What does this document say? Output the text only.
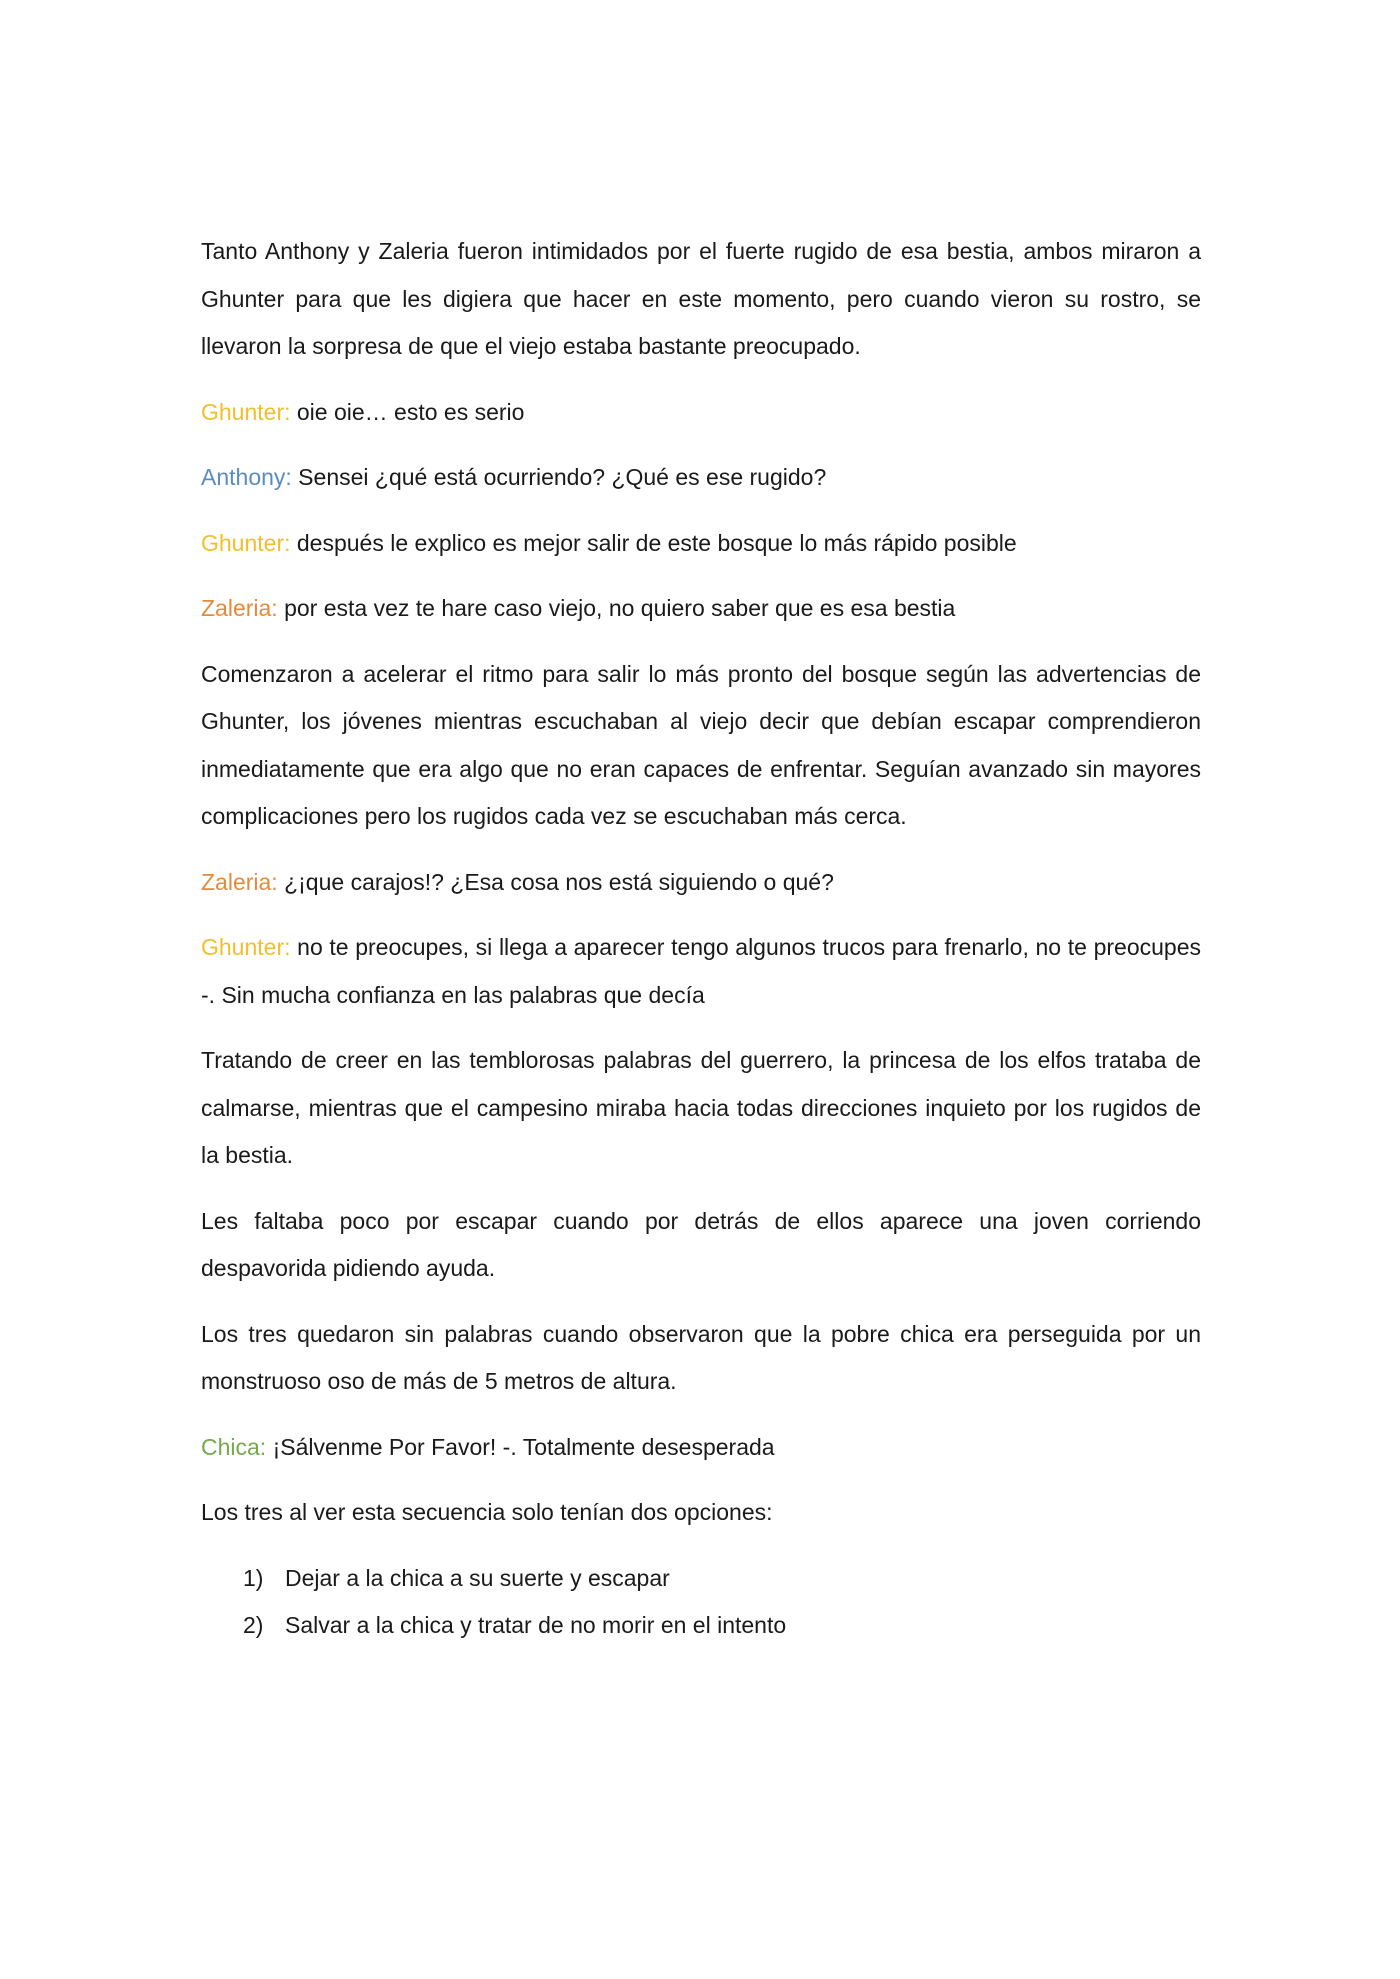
Tanto Anthony y Zaleria fueron intimidados por el fuerte rugido de esa bestia, ambos miraron a Ghunter para que les digiera que hacer en este momento, pero cuando vieron su rostro, se llevaron la sorpresa de que el viejo estaba bastante preocupado.

Ghunter: oie oie… esto es serio

Anthony: Sensei ¿qué está ocurriendo? ¿Qué es ese rugido?

Ghunter: después le explico es mejor salir de este bosque lo más rápido posible

Zaleria: por esta vez te hare caso viejo, no quiero saber que es esa bestia

Comenzaron a acelerar el ritmo para salir lo más pronto del bosque según las advertencias de Ghunter, los jóvenes mientras escuchaban al viejo decir que debían escapar comprendieron inmediatamente que era algo que no eran capaces de enfrentar. Seguían avanzado sin mayores complicaciones pero los rugidos cada vez se escuchaban más cerca.

Zaleria: ¿¡que carajos!? ¿Esa cosa nos está siguiendo o qué?

Ghunter: no te preocupes, si llega a aparecer tengo algunos trucos para frenarlo, no te preocupes -. Sin mucha confianza en las palabras que decía

Tratando de creer en las temblorosas palabras del guerrero, la princesa de los elfos trataba de calmarse, mientras que el campesino miraba hacia todas direcciones inquieto por los rugidos de la bestia.

Les faltaba poco por escapar cuando por detrás de ellos aparece una joven corriendo despavorida pidiendo ayuda.

Los tres quedaron sin palabras cuando observaron que la pobre chica era perseguida por un monstruoso oso de más de 5 metros de altura.

Chica: ¡Sálvenme Por Favor! -. Totalmente desesperada

Los tres al ver esta secuencia solo tenían dos opciones:

1) Dejar a la chica a su suerte y escapar
2) Salvar a la chica y tratar de no morir en el intento
